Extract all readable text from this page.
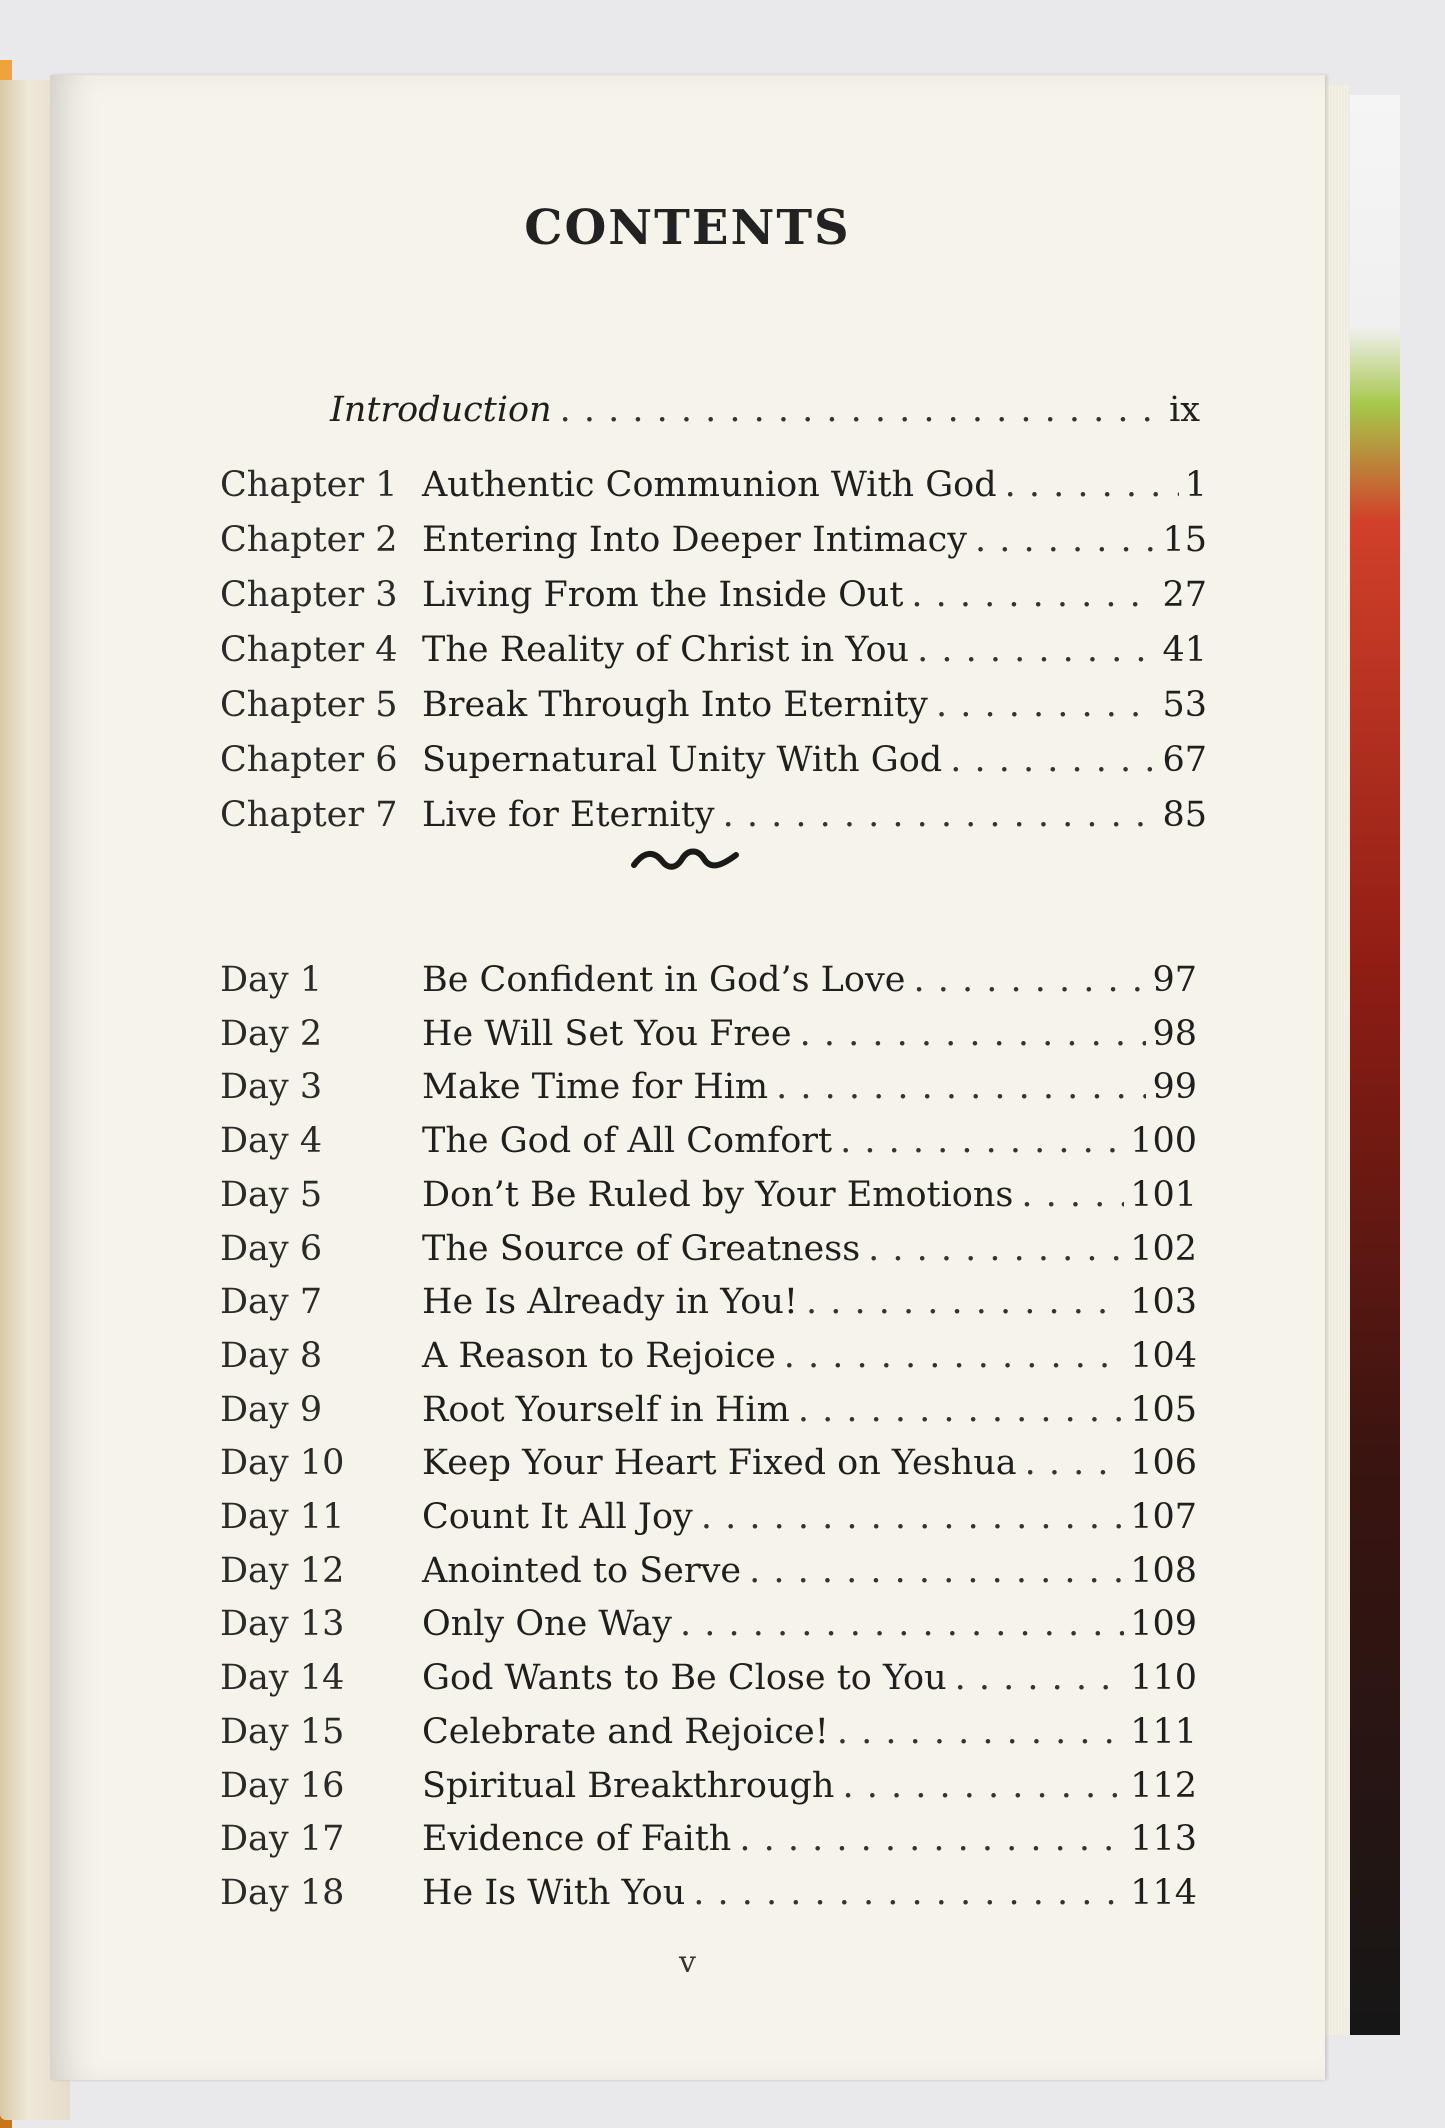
CONTENTS
Introduction . . .	ix
Chapter 1 Authentic Communion With God . . .	1
Chapter 2 Entering Into Deeper Intimacy . . .	15
Chapter 3 Living From the Inside Out . . .	27
Chapter 4 The Reality of Christ in You . . .	41
Chapter 5 Break Through Into Eternity . . .	53
Chapter 6 Supernatural Unity With God . . .	67
Chapter 7 Live for Eternity . . .	85
Day 1	Be Confident in God’s Love . . .	97
Day 2	He Will Set You Free . . .	98
Day 3	Make Time for Him . . .	99
Day 4	The God of All Comfort . . .	100
Day 5	Don’t Be Ruled by Your Emotions . . .	101
Day 6	The Source of Greatness . . .	102
Day 7	He Is Already in You! . . .	103
Day 8	A Reason to Rejoice . . .	104
Day 9	Root Yourself in Him . . .	105
Day 10 Keep Your Heart Fixed on Yeshua . . .	106
Day 11 Count It All Joy . . .	107
Day 12 Anointed to Serve . . .	108
Day 13 Only One Way . . .	109
Day 14 God Wants to Be Close to You . . .	110
Day 15 Celebrate and Rejoice! . . .	111
Day 16 Spiritual Breakthrough . . .	112
Day 17 Evidence of Faith . . .	113
Day 18 He Is With You . . .	114
v
